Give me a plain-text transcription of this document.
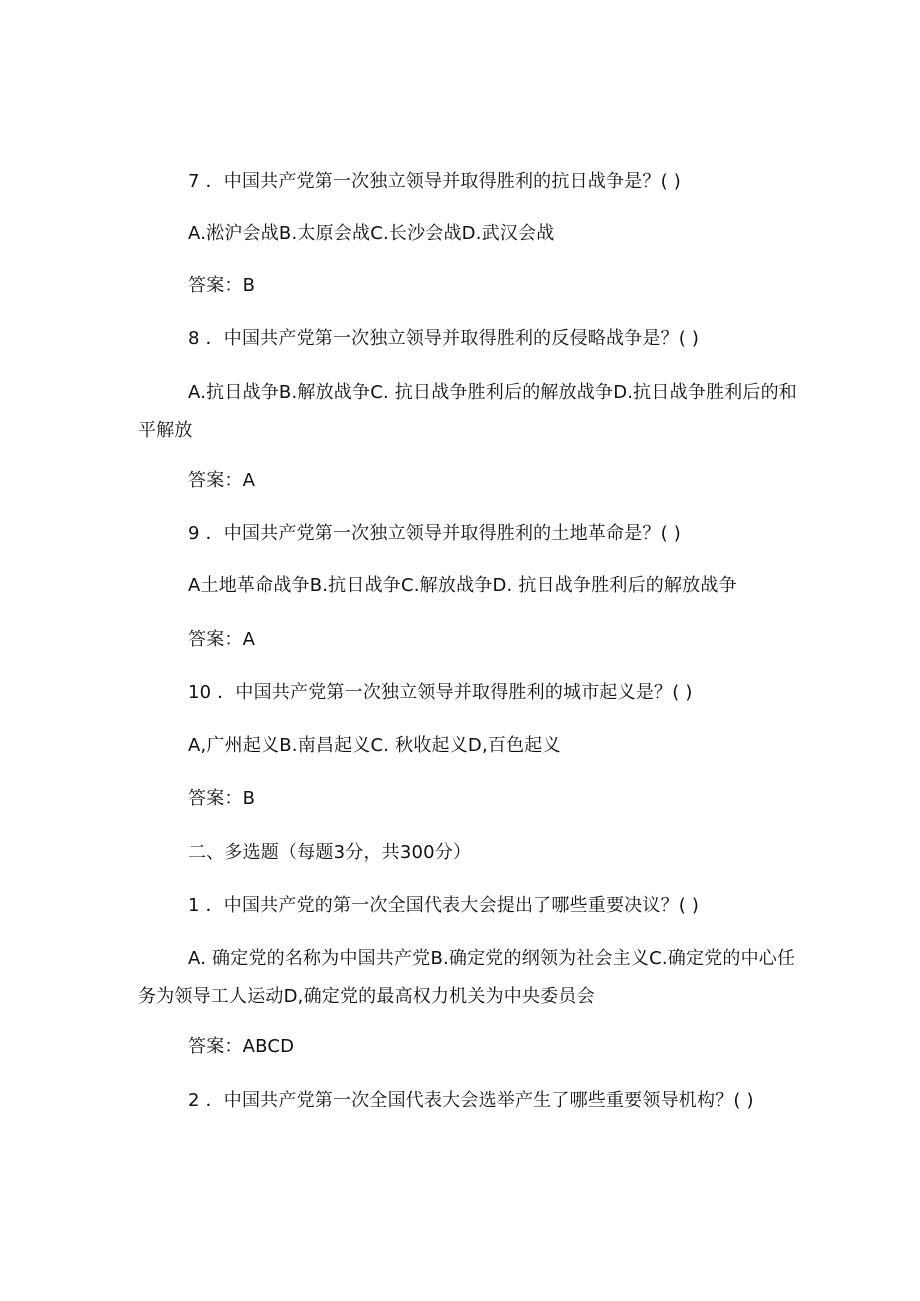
7 ．中国共产党第一次独立领导并取得胜利的抗日战争是？( )
A.淞沪会战B.太原会战C.长沙会战D.武汉会战
答案：B
8 ．中国共产党第一次独立领导并取得胜利的反侵略战争是？( )
A.抗日战争B.解放战争C. 抗日战争胜利后的解放战争D.抗日战争胜利后的和平解放
答案：A
9 ．中国共产党第一次独立领导并取得胜利的土地革命是？( )
A土地革命战争B.抗日战争C.解放战争D. 抗日战争胜利后的解放战争
答案：A
10 ．中国共产党第一次独立领导并取得胜利的城市起义是？( )
A,广州起义B.南昌起义C. 秋收起义D,百色起义
答案：B
二、多选题（每题3分，共300分）
1 ．中国共产党的第一次全国代表大会提出了哪些重要决议？( )
A. 确定党的名称为中国共产党B.确定党的纲领为社会主义C.确定党的中心任务为领导工人运动D,确定党的最高权力机关为中央委员会
答案：ABCD
2 ．中国共产党第一次全国代表大会选举产生了哪些重要领导机构？( )
